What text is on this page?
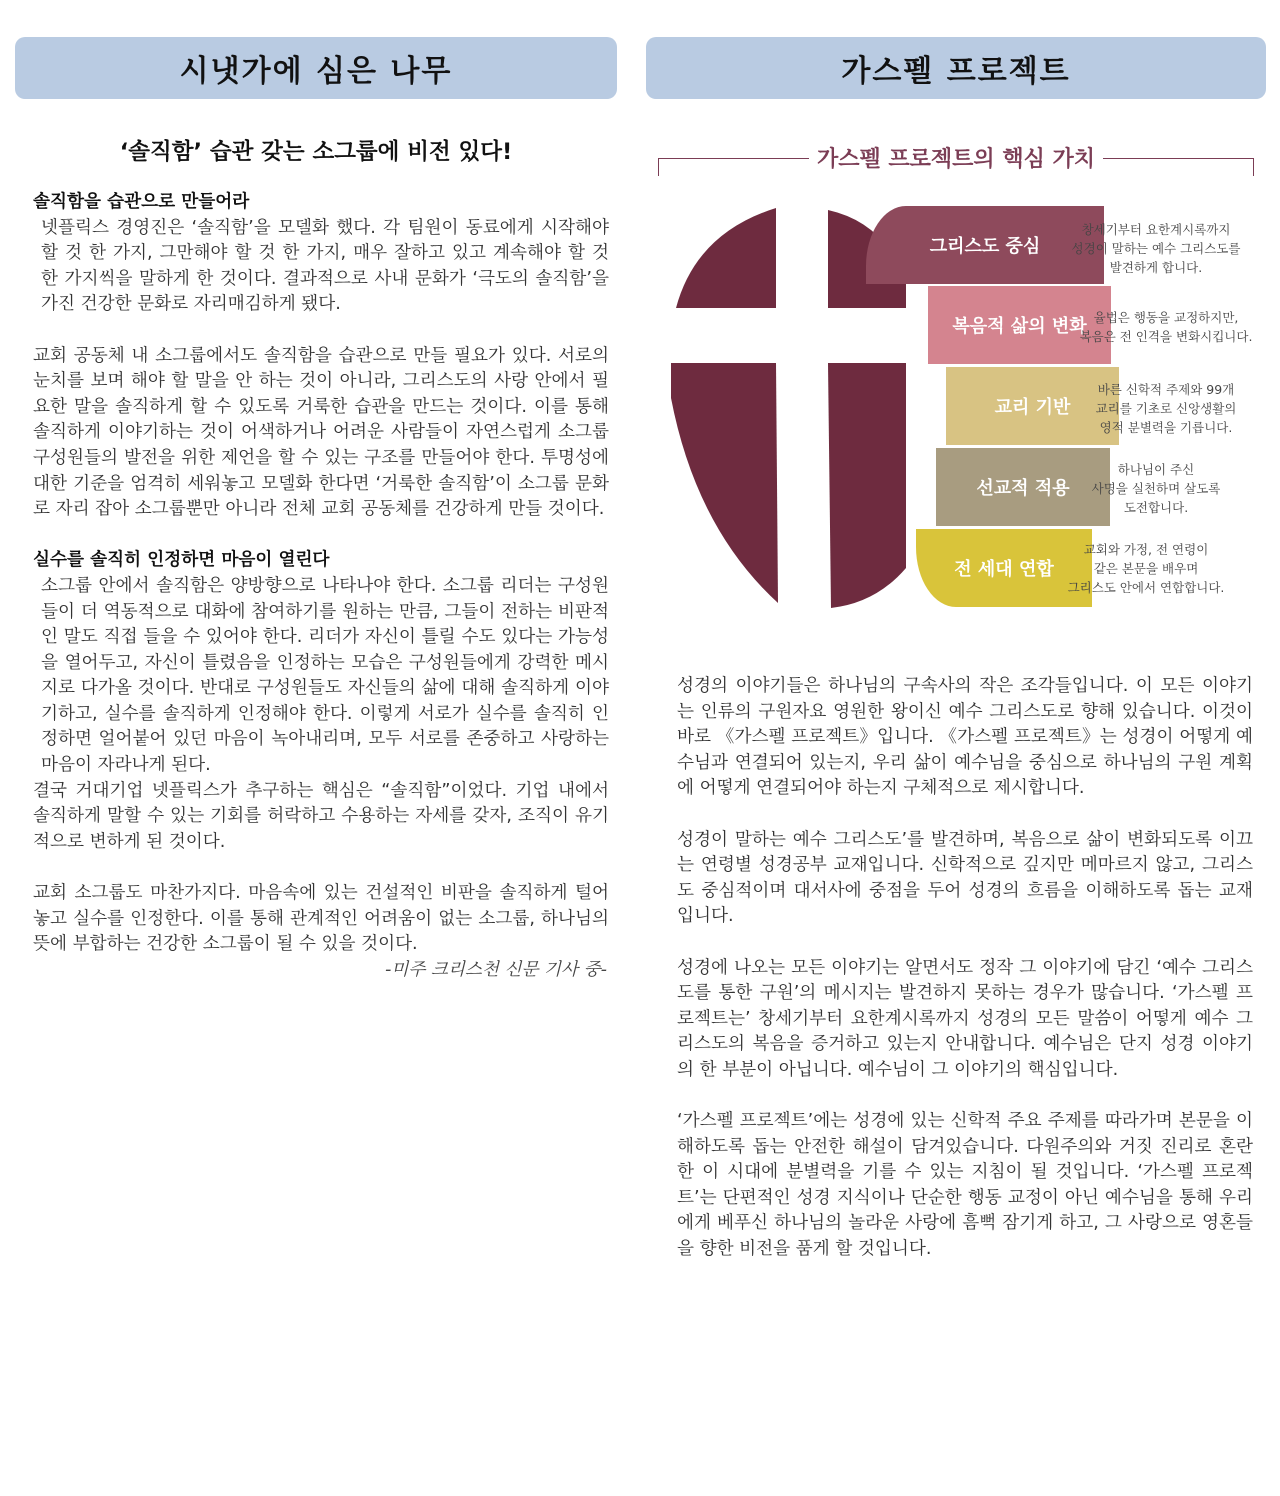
시냇가에 심은 나무
‘솔직함’ 습관 갖는 소그룹에 비전 있다!

솔직함을 습관으로 만들어라

넷플릭스 경영진은 ‘솔직함’을 모델화 했다. 각 팀원이 동료에게 시작해야 할 것 한 가지, 그만해야 할 것 한 가지, 매우 잘하고 있고 계속해야 할 것 한 가지씩을 말하게 한 것이다. 결과적으로 사내 문화가 ‘극도의 솔직함’을 가진 건강한 문화로 자리매김하게 됐다.

교회 공동체 내 소그룹에서도 솔직함을 습관으로 만들 필요가 있다. 서로의 눈치를 보며 해야 할 말을 안 하는 것이 아니라, 그리스도의 사랑 안에서 필요한 말을 솔직하게 할 수 있도록 거룩한 습관을 만드는 것이다. 이를 통해 솔직하게 이야기하는 것이 어색하거나 어려운 사람들이 자연스럽게 소그룹 구성원들의 발전을 위한 제언을 할 수 있는 구조를 만들어야 한다. 투명성에 대한 기준을 엄격히 세워놓고 모델화 한다면 ‘거룩한 솔직함’이 소그룹 문화로 자리 잡아 소그룹뿐만 아니라 전체 교회 공동체를 건강하게 만들 것이다.

실수를 솔직히 인정하면 마음이 열린다

소그룹 안에서 솔직함은 양방향으로 나타나야 한다. 소그룹 리더는 구성원들이 더 역동적으로 대화에 참여하기를 원하는 만큼, 그들이 전하는 비판적인 말도 직접 들을 수 있어야 한다. 리더가 자신이 틀릴 수도 있다는 가능성을 열어두고, 자신이 틀렸음을 인정하는 모습은 구성원들에게 강력한 메시지로 다가올 것이다. 반대로 구성원들도 자신들의 삶에 대해 솔직하게 이야기하고, 실수를 솔직하게 인정해야 한다. 이렇게 서로가 실수를 솔직히 인정하면 얼어붙어 있던 마음이 녹아내리며, 모두 서로를 존중하고 사랑하는 마음이 자라나게 된다.

결국 거대기업 넷플릭스가 추구하는 핵심은 “솔직함”이었다. 기업 내에서 솔직하게 말할 수 있는 기회를 허락하고 수용하는 자세를 갖자, 조직이 유기적으로 변하게 된 것이다.

교회 소그룹도 마찬가지다. 마음속에 있는 건설적인 비판을 솔직하게 털어 놓고 실수를 인정한다. 이를 통해 관계적인 어려움이 없는 소그룹, 하나님의 뜻에 부합하는 건강한 소그룹이 될 수 있을 것이다.

-미주 크리스천 신문 기사 중-

가스펠 프로젝트
가스펠 프로젝트의 핵심 가치
그리스도 중심
복음적 삶의 변화
교리 기반
선교적 적용
전 세대 연합
창세기부터 요한계시록까지
성경이 말하는 예수 그리스도를
발견하게 합니다.
율법은 행동을 교정하지만,
복음은 전 인격을 변화시킵니다.
바른 신학적 주제와 99개
교리를 기초로 신앙생활의
영적 분별력을 기릅니다.
하나님이 주신
사명을 실천하며 살도록
도전합니다.
교회와 가정, 전 연령이
같은 본문을 배우며
그리스도 안에서 연합합니다.

성경의 이야기들은 하나님의 구속사의 작은 조각들입니다. 이 모든 이야기는 인류의 구원자요 영원한 왕이신 예수 그리스도로 향해 있습니다. 이것이 바로 《가스펠 프로젝트》입니다. 《가스펠 프로젝트》는 성경이 어떻게 예수님과 연결되어 있는지, 우리 삶이 예수님을 중심으로 하나님의 구원 계획에 어떻게 연결되어야 하는지 구체적으로 제시합니다.

성경이 말하는 예수 그리스도’를 발견하며, 복음으로 삶이 변화되도록 이끄는 연령별 성경공부 교재입니다. 신학적으로 깊지만 메마르지 않고, 그리스도 중심적이며 대서사에 중점을 두어 성경의 흐름을 이해하도록 돕는 교재입니다.

성경에 나오는 모든 이야기는 알면서도 정작 그 이야기에 담긴 ‘예수 그리스도를 통한 구원’의 메시지는 발견하지 못하는 경우가 많습니다. ‘가스펠 프로젝트는’ 창세기부터 요한계시록까지 성경의 모든 말씀이 어떻게 예수 그리스도의 복음을 증거하고 있는지 안내합니다. 예수님은 단지 성경 이야기의 한 부분이 아닙니다. 예수님이 그 이야기의 핵심입니다.

‘가스펠 프로젝트’에는 성경에 있는 신학적 주요 주제를 따라가며 본문을 이해하도록 돕는 안전한 해설이 담겨있습니다. 다원주의와 거짓 진리로 혼란한 이 시대에 분별력을 기를 수 있는 지침이 될 것입니다. ‘가스펠 프로젝트’는 단편적인 성경 지식이나 단순한 행동 교정이 아닌 예수님을 통해 우리에게 베푸신 하나님의 놀라운 사랑에 흠뻑 잠기게 하고, 그 사랑으로 영혼들을 향한 비전을 품게 할 것입니다.
